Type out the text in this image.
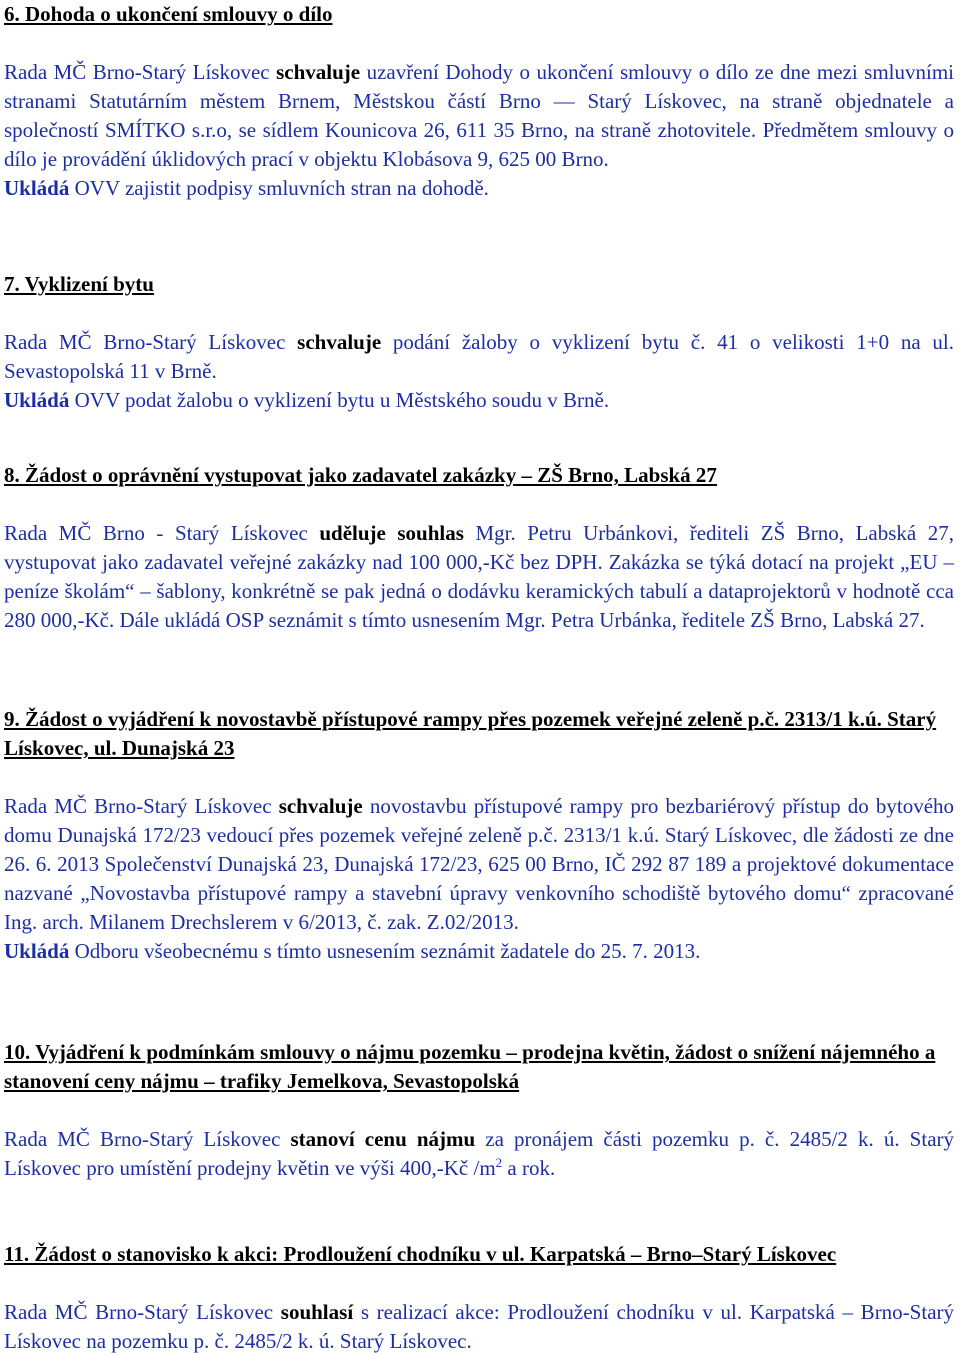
6. Dohoda o ukončení smlouvy o dílo

Rada MČ Brno-Starý Lískovec schvaluje uzavření Dohody o ukončení smlouvy o dílo ze dne mezi smluvními stranami Statutárním městem Brnem, Městskou částí Brno — Starý Lískovec, na straně objednatele a společností SMÍTKO s.r.o, se sídlem Kounicova 26, 611 35 Brno, na straně zhotovitele. Předmětem smlouvy o dílo je provádění úklidových prací v objektu Klobásova 9, 625 00 Brno.

Ukládá OVV zajistit podpisy smluvních stran na dohodě.

7. Vyklizení bytu

Rada MČ Brno-Starý Lískovec schvaluje podání žaloby o vyklizení bytu č. 41 o velikosti 1+0 na ul. Sevastopolská 11 v Brně.

Ukládá OVV podat žalobu o vyklizení bytu u Městského soudu v Brně.

8. Žádost o oprávnění vystupovat jako zadavatel zakázky – ZŠ Brno, Labská 27

Rada MČ Brno - Starý Lískovec uděluje souhlas Mgr. Petru Urbánkovi, řediteli ZŠ Brno, Labská 27, vystupovat jako zadavatel veřejné zakázky nad 100 000,-Kč bez DPH. Zakázka se týká dotací na projekt „EU – peníze školám“ – šablony, konkrétně se pak jedná o dodávku keramických tabulí a dataprojektorů v hodnotě cca 280 000,-Kč. Dále ukládá OSP seznámit s tímto usnesením Mgr. Petra Urbánka, ředitele ZŠ Brno, Labská 27.

9. Žádost o vyjádření k novostavbě přístupové rampy přes pozemek veřejné zeleně p.č. 2313/1 k.ú. Starý Lískovec, ul. Dunajská 23

Rada MČ Brno-Starý Lískovec schvaluje novostavbu přístupové rampy pro bezbariérový přístup do bytového domu Dunajská 172/23 vedoucí přes pozemek veřejné zeleně p.č. 2313/1 k.ú. Starý Lískovec, dle žádosti ze dne 26. 6. 2013 Společenství Dunajská 23, Dunajská 172/23, 625 00 Brno, IČ 292 87 189 a projektové dokumentace nazvané „Novostavba přístupové rampy a stavební úpravy venkovního schodiště bytového domu“ zpracované Ing. arch. Milanem Drechslerem v 6/2013, č. zak. Z.02/2013.

Ukládá Odboru všeobecnému s tímto usnesením seznámit žadatele do 25. 7. 2013.

10. Vyjádření k podmínkám smlouvy o nájmu pozemku – prodejna květin, žádost o snížení nájemného a stanovení ceny nájmu – trafiky Jemelkova, Sevastopolská

Rada MČ Brno-Starý Lískovec stanoví cenu nájmu za pronájem části pozemku p. č. 2485/2 k. ú. Starý Lískovec pro umístění prodejny květin ve výši 400,-Kč $/m^2$ a rok.

11. Žádost o stanovisko k akci: Prodloužení chodníku v ul. Karpatská – Brno–Starý Lískovec

Rada MČ Brno-Starý Lískovec souhlasí s realizací akce: Prodloužení chodníku v ul. Karpatská – Brno-Starý Lískovec na pozemku p. č. 2485/2 k. ú. Starý Lískovec.
